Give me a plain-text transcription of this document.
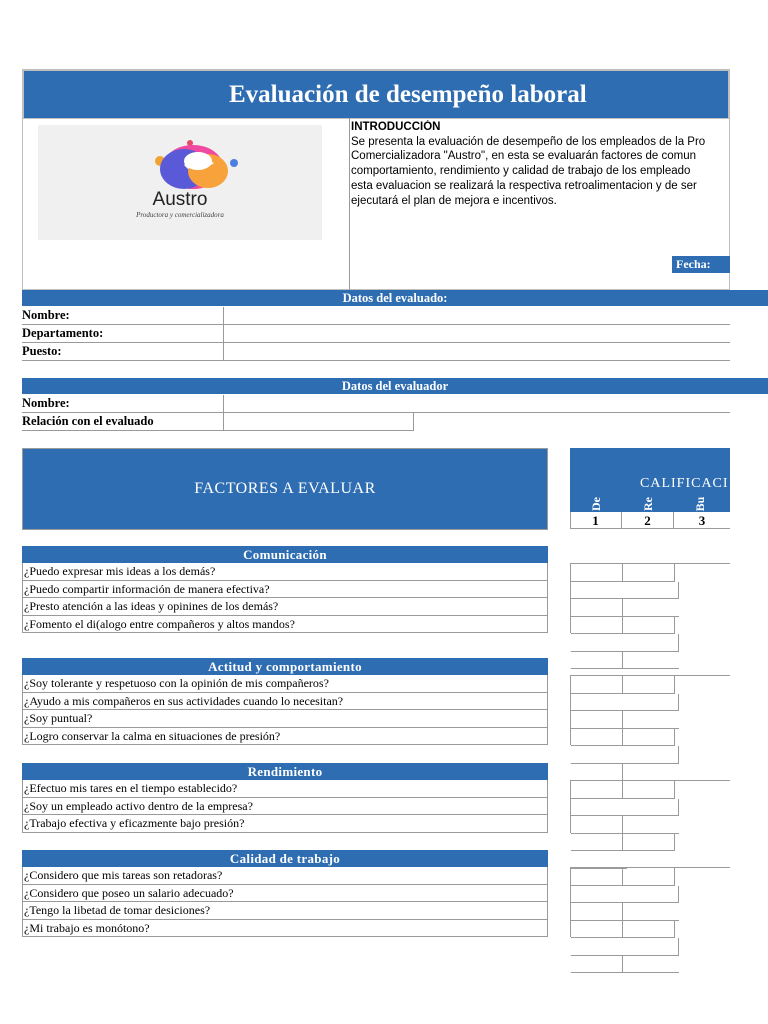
Evaluación de desempeño laboral
Austro
Productora y comercializadora
INTRODUCCIÓN
Se presenta la evaluación de desempeño de los empleados de la Pro
Comercializadora "Austro", en esta se evaluarán factores de comun
comportamiento, rendimiento y calidad de trabajo de los empleado
esta evaluacion se realizará la respectiva retroalimentacion y de ser
ejecutará el plan de mejora e incentivos.
Fecha:
Datos del evaluado:
Nombre:
Departamento:
Puesto:
Datos del evaluador
Nombre:
Relación con el evaluado
FACTORES A EVALUAR	CALIFICACI
De	Re	Bu
1	2	3
Comunicación
¿Puedo expresar mis ideas a los demás?
¿Puedo compartir información de manera efectiva?
¿Presto atención a las ideas y opinines de los demás?
¿Fomento el di(alogo entre compañeros y altos mandos?
Actitud y comportamiento
¿Soy tolerante y respetuoso con la opinión de mis compañeros?
¿Ayudo a mis compañeros en sus actividades cuando lo necesitan?
¿Soy puntual?
¿Logro conservar la calma en situaciones de presión?
Rendimiento
¿Efectuo mis tares en el tiempo establecido?
¿Soy un empleado activo dentro de la empresa?
¿Trabajo efectiva y eficazmente bajo presión?
Calidad de trabajo
¿Considero que mis tareas son retadoras?
¿Considero que poseo un salario adecuado?
¿Tengo la libetad de tomar desiciones?
¿Mi trabajo es monótono?
